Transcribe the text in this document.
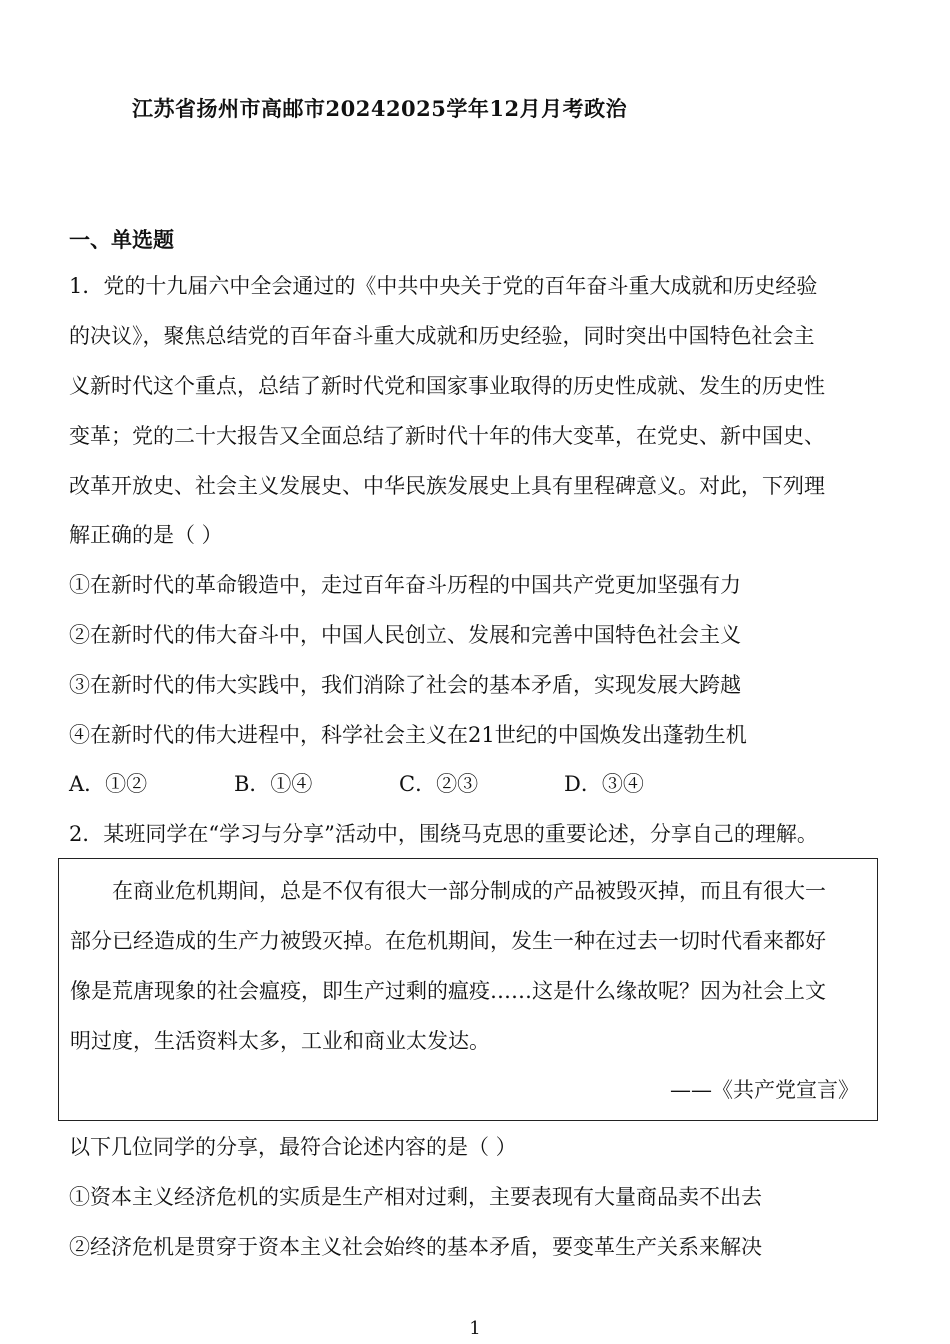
江苏省扬州市高邮市20242025学年12月月考政治
一、单选题
1．党的十九届六中全会通过的《中共中央关于党的百年奋斗重大成就和历史经验
的决议》，聚焦总结党的百年奋斗重大成就和历史经验，同时突出中国特色社会主
义新时代这个重点，总结了新时代党和国家事业取得的历史性成就、发生的历史性
变革；党的二十大报告又全面总结了新时代十年的伟大变革，在党史、新中国史、
改革开放史、社会主义发展史、中华民族发展史上具有里程碑意义。对此，下列理
解正确的是（ ）
①在新时代的革命锻造中，走过百年奋斗历程的中国共产党更加坚强有力
②在新时代的伟大奋斗中，中国人民创立、发展和完善中国特色社会主义
③在新时代的伟大实践中，我们消除了社会的基本矛盾，实现发展大跨越
④在新时代的伟大进程中，科学社会主义在21世纪的中国焕发出蓬勃生机
A．①②	B．①④	C．②③	D．③④
2．某班同学在“学习与分享”活动中，围绕马克思的重要论述，分享自己的理解。
在商业危机期间，总是不仅有很大一部分制成的产品被毁灭掉，而且有很大一
部分已经造成的生产力被毁灭掉。在危机期间，发生一种在过去一切时代看来都好
像是荒唐现象的社会瘟疫，即生产过剩的瘟疫……这是什么缘故呢？因为社会上文
明过度，生活资料太多，工业和商业太发达。
——《共产党宣言》
以下几位同学的分享，最符合论述内容的是（ ）
①资本主义经济危机的实质是生产相对过剩，主要表现有大量商品卖不出去
②经济危机是贯穿于资本主义社会始终的基本矛盾，要变革生产关系来解决
1
